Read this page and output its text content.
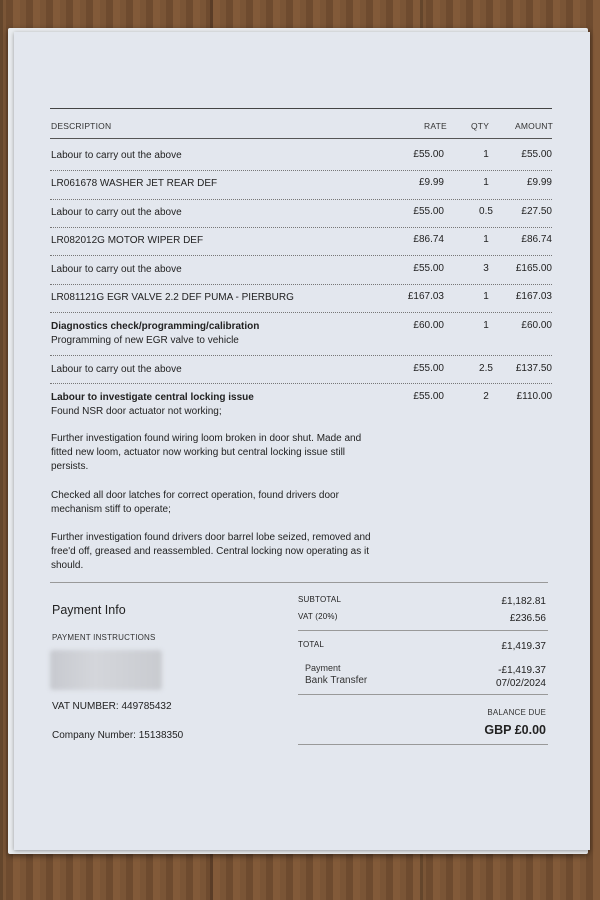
DESCRIPTION	RATE	QTY	AMOUNT
Labour to carry out the above	£55.00	1	£55.00
LR061678 WASHER JET REAR DEF	£9.99	1	£9.99
Labour to carry out the above	£55.00	0.5	£27.50
LR082012G MOTOR WIPER DEF	£86.74	1	£86.74
Labour to carry out the above	£55.00	3	£165.00
LR081121G EGR VALVE 2.2 DEF PUMA - PIERBURG	£167.03	1	£167.03
Diagnostics check/programming/calibration
Programming of new EGR valve to vehicle
£60.00	1	£60.00
Labour to carry out the above	£55.00	2.5	£137.50
Labour to investigate central locking issue
Found NSR door actuator not working;
£55.00	2	£110.00

Further investigation found wiring loom broken in door shut. Made and fitted new loom, actuator now working but central locking issue still persists.

Checked all door latches for correct operation, found drivers door mechanism stiff to operate;

Further investigation found drivers door barrel lobe seized, removed and free'd off, greased and reassembled. Central locking now operating as it should.

Payment Info
PAYMENT INSTRUCTIONS
VAT NUMBER: 449785432
Company Number: 15138350
SUBTOTAL	£1,182.81
VAT (20%)	£236.56
TOTAL	£1,419.37
Payment
Bank Transfer
-£1,419.37
07/02/2024
BALANCE DUE
GBP £0.00
